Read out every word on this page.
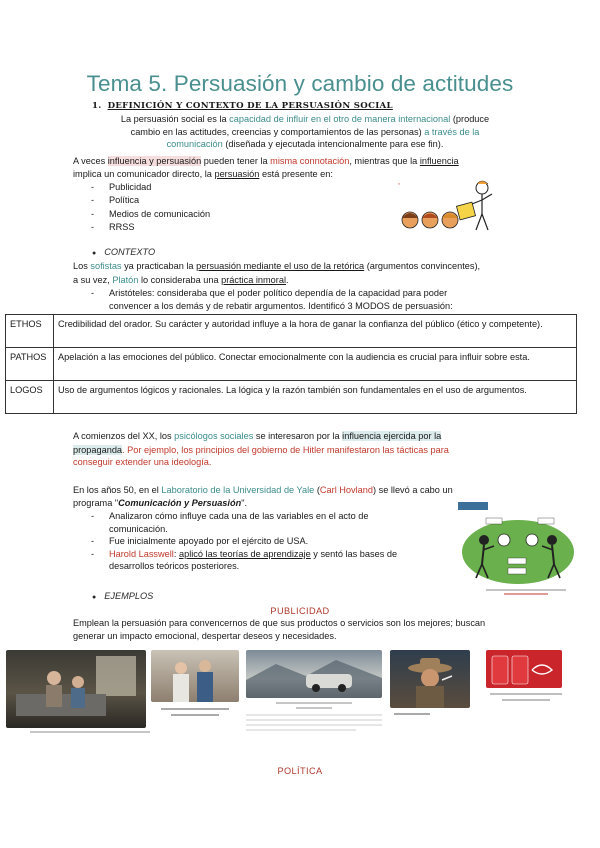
Tema 5. Persuasión y cambio de actitudes
1. DEFINICIÓN Y CONTEXTO DE LA PERSUASIÓN SOCIAL
La persuasión social es la capacidad de influir en el otro de manera internacional (produce
cambio en las actitudes, creencias y comportamientos de las personas) a través de la
comunicación (diseñada y ejecutada intencionalmente para ese fin).
A veces influencia y persuasión pueden tener la misma connotación, mientras que la influencia
implica un comunicador directo, la persuasión está presente en:
- Publicidad
- Política
- Medios de comunicación
- RRSS
≈
● CONTEXTO
Los sofistas ya practicaban la persuasión mediante el uso de la retórica (argumentos convincentes),
a su vez, Platón lo consideraba una práctica inmoral.
- Aristóteles: consideraba que el poder político dependía de la capacidad para poder
convencer a los demás y de rebatir argumentos. Identificó 3 MODOS de persuasión:
ETHOS	Credibilidad del orador. Su carácter y autoridad influye a la hora de ganar la confianza del público (ético y competente).
PATHOS	Apelación a las emociones del público. Conectar emocionalmente con la audiencia es crucial para influir sobre esta.
LOGOS	Uso de argumentos lógicos y racionales. La lógica y la razón también son fundamentales en el uso de argumentos.
A comienzos del XX, los psicólogos sociales se interesaron por la influencia ejercida por la
propaganda. Por ejemplo, los principios del gobierno de Hitler manifestaron las tácticas para
conseguir extender una ideología.
En los años 50, en el Laboratorio de la Universidad de Yale (Carl Hovland) se llevó a cabo un
programa "Comunicación y Persuasión".
- Analizaron cómo influye cada una de las variables en el acto de comunicación.
- Fue inicialmente apoyado por el ejército de USA.
- Harold Lasswell: aplicó las teorías de aprendizaje y sentó las bases de
desarrollos teóricos posteriores.
● EJEMPLOS
PUBLICIDAD
Emplean la persuasión para convencernos de que sus productos o servicios son los mejores; buscan
generar un impacto emocional, despertar deseos y necesidades.
POLÍTICA
